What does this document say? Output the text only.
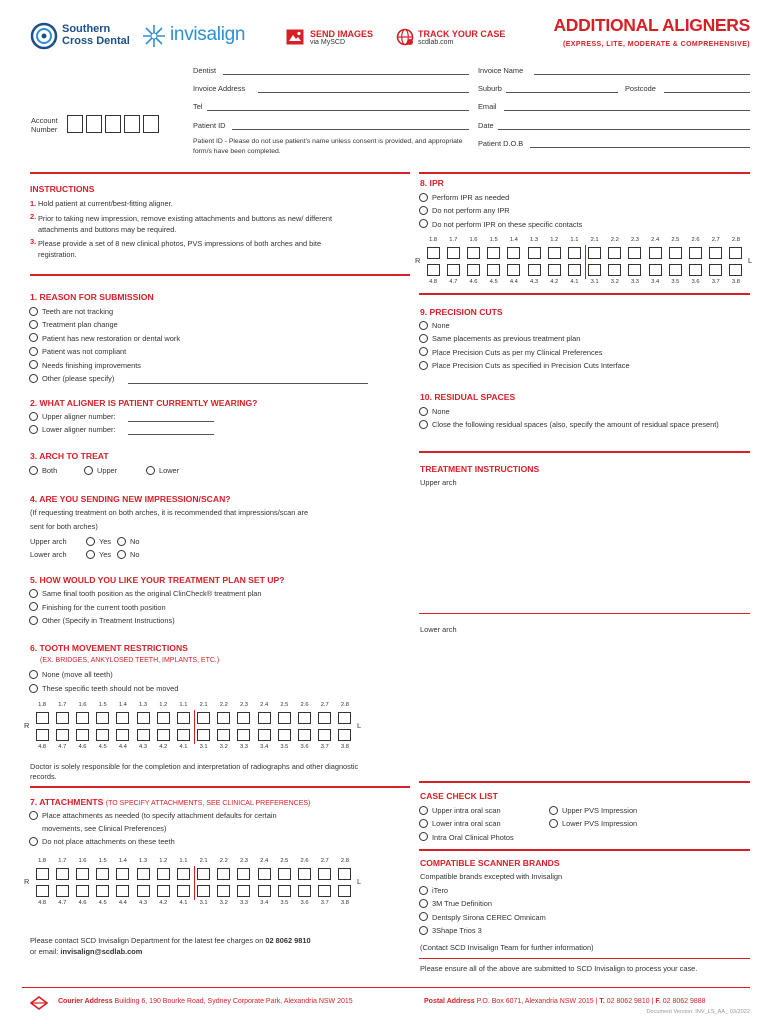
Southern
Cross Dental invisalign	SEND IMAGES
via MySCD
TRACK YOUR CASE
scdlab.com
ADDITIONAL ALIGNERS
(EXPRESS, LITE, MODERATE & COMPREHENSIVE)
Dentist	Invoice Name
Invoice Address	Suburb	Postcode
Tel	Email
Account
Number	Patient ID	Date
Patient ID - Please do not use patient's name unless consent is provided, and appropriate form/s have been completed.
Patient D.O.B
INSTRUCTIONS
1. Hold patient at current/best-fitting aligner.
2. Prior to taking new impression, remove existing attachments and buttons as new/ different attachments and buttons may be required.
3. Please provide a set of 8 new clinical photos, PVS impressions of both arches and bite registration.
1. REASON FOR SUBMISSION
Teeth are not tracking
Treatment plan change
Patient has new restoration or dental work
Patient was not compliant
Needs finishing improvements
Other (please specify)
2. WHAT ALIGNER IS PATIENT CURRENTLY WEARING?
Upper aligner number:
Lower aligner number:
3. ARCH TO TREAT
Both	Upper	Lower
4. ARE YOU SENDING NEW IMPRESSION/SCAN?
(If requesting treatment on both arches, it is recommended that impressions/scan are
sent for both arches)
Upper arch	Yes	No
Lower arch	Yes	No
5. HOW WOULD YOU LIKE YOUR TREATMENT PLAN SET UP?
Same final tooth position as the original ClinCheck® treatment plan
Finishing for the current tooth position
Other (Specify in Treatment Instructions)
6. TOOTH MOVEMENT RESTRICTIONS
(EX. BRIDGES, ANKYLOSED TEETH, IMPLANTS, ETC.)
None (move all teeth)
These specific teeth should not be moved
1.8	1.7	1.6	1.5	1.4	1.3	1.2	1.1	2.1	2.2	2.3	2.4	2.5	2.6	2.7	2.8
4.8	4.7	4.6	4.5	4.4	4.3	4.2	4.1	3.1	3.2	3.3	3.4	3.5	3.6	3.7	3.8
R	L
Doctor is solely responsible for the completion and interpretation of radiographs and other diagnostic records.
7. ATTACHMENTS (TO SPECIFY ATTACHMENTS, SEE CLINICAL PREFERENCES)
Place attachments as needed (to specify attachment defaults for certain
movements, see Clinical Preferences)
Do not place attachments on these teeth
1.8	1.7	1.6	1.5	1.4	1.3	1.2	1.1	2.1	2.2	2.3	2.4	2.5	2.6	2.7	2.8
4.8	4.7	4.6	4.5	4.4	4.3	4.2	4.1	3.1	3.2	3.3	3.4	3.5	3.6	3.7	3.8
R	L
Please contact SCD Invisalign Department for the latest fee charges on 02 8062 9810
or email: invisalign@scdlab.com
8. IPR
Perform IPR as needed
Do not perform any IPR
Do not perform IPR on these specific contacts
1.8	1.7	1.6	1.5	1.4	1.3	1.2	1.1	2.1	2.2	2.3	2.4	2.5	2.6	2.7	2.8
4.8	4.7	4.6	4.5	4.4	4.3	4.2	4.1	3.1	3.2	3.3	3.4	3.5	3.6	3.7	3.8
R	L
9. PRECISION CUTS
None
Same placements as previous treatment plan
Place Precision Cuts as per my Clinical Preferences
Place Precision Cuts as specified in Precision Cuts Interface
10. RESIDUAL SPACES
None
Close the following residual spaces (also, specify the amount of residual space present)
TREATMENT INSTRUCTIONS
Upper arch
Lower arch
CASE CHECK LIST
Upper intra oral scan
Lower intra oral scan
Intra Oral Clinical Photos
Upper PVS Impression
Lower PVS Impression
COMPATIBLE SCANNER BRANDS
Compatible brands excepted with Invisalign
iTero
3M True Definition
Dentsply Sirona CEREC Omnicam
3Shape Trios 3
(Contact SCD Invisalign Team for further information)
Please ensure all of the above are submitted to SCD Invisalign to process your case.
Courier Address Building 6, 190 Bourke Road, Sydney Corporate Park, Alexandria NSW 2015	Postal Address P.O. Box 6071, Alexandria NSW 2015 | T. 02 8062 9810 | F. 02 8062 9888
Document Version: INV_LS_AA_ 03/2022
